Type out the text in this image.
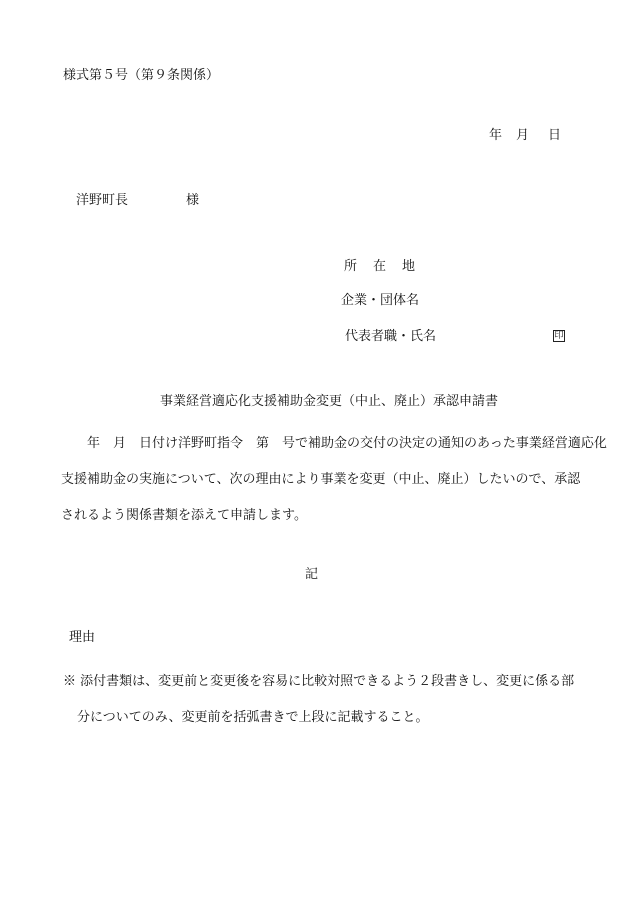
様式第５号（第９条関係）
年 月 日
洋野町長	様
所在地
企業・団体名
代表者職・氏名	印
事業経営適応化支援補助金変更（中止、廃止）承認申請書
年　月　日付け洋野町指令　第　号で補助金の交付の決定の通知のあった事業経営適応化
支援補助金の実施について、次の理由により事業を変更（中止、廃止）したいので、承認
されるよう関係書類を添えて申請します。
記
理由
※ 添付書類は、変更前と変更後を容易に比較対照できるよう２段書きし、変更に係る部
分についてのみ、変更前を括弧書きで上段に記載すること。
